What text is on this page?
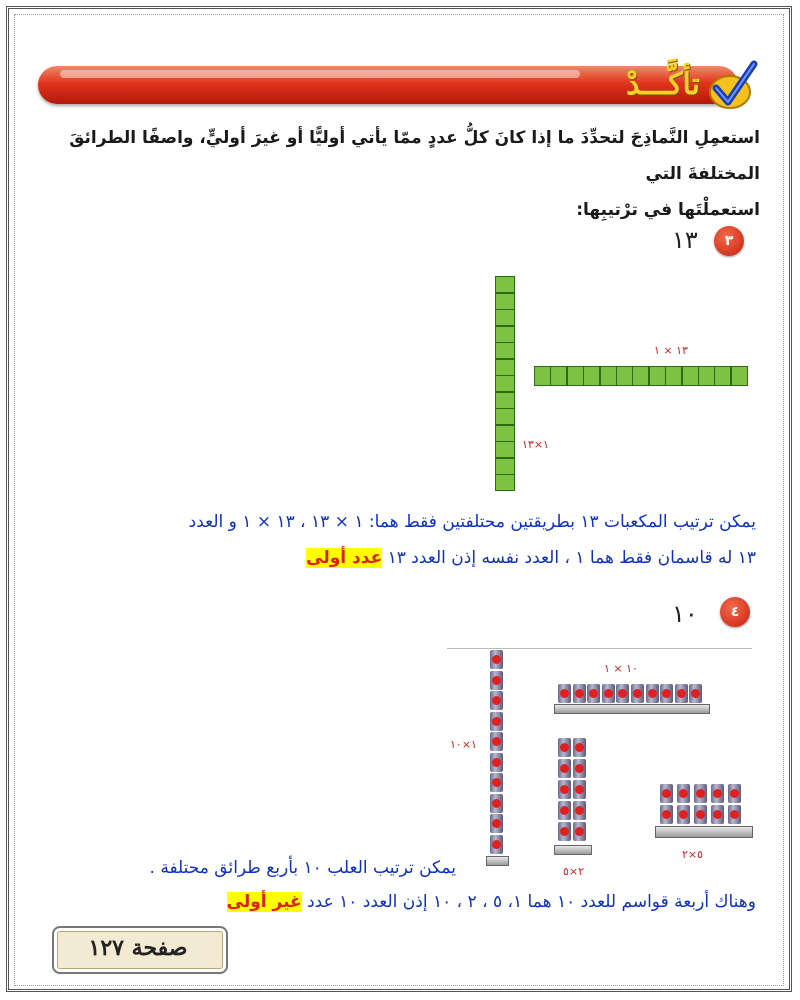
تأكَّـــدْ
استعمِلِ النَّماذِجَ لتحدِّدَ ما إذا كانَ كلُّ عددٍ ممّا يأتي أوليًّا أو غيرَ أوليٍّ، واصفًا الطرائقَ المختلفةَ التي
استعملْتَها في ترْتيبِها:
٣
١٣
١٣ × ١
١×١٣
يمكن ترتيب المكعبات ١٣ بطريقتين محتلفتين فقط هما: ١ × ١٣ ، ١٣ × ١ و العدد
١٣ له قاسمان فقط هما ١ ، العدد نفسه إذن العدد ١٣ عدد أولى
٤
١٠
١×١٠
١٠ × ١
٢×٥
٥×٢
يمكن ترتيب العلب ١٠ بأربع طرائق محتلفة .
وهناك أربعة قواسم للعدد ١٠ هما ١، ٥ ، ٢ ، ١٠ إذن العدد ١٠ عدد غير أولى
صفحة ١٢٧
